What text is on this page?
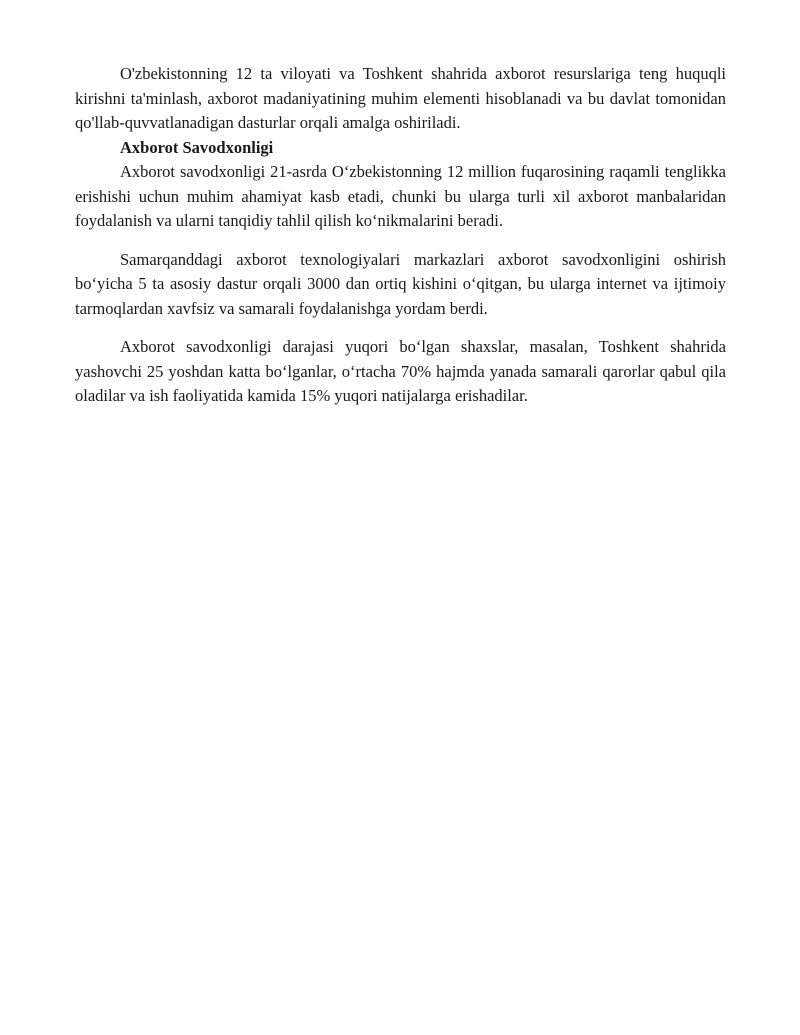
O'zbekistonning 12 ta viloyati va Toshkent shahrida axborot resurslariga teng huquqli kirishni ta'minlash, axborot madaniyatining muhim elementi hisoblanadi va bu davlat tomonidan qo'llab-quvvatlanadigan dasturlar orqali amalga oshiriladi.

Axborot Savodxonligi

Axborot savodxonligi 21-asrda O‘zbekistonning 12 million fuqarosining raqamli tenglikka erishishi uchun muhim ahamiyat kasb etadi, chunki bu ularga turli xil axborot manbalaridan foydalanish va ularni tanqidiy tahlil qilish ko‘nikmalarini beradi.

Samarqanddagi axborot texnologiyalari markazlari axborot savodxonligini oshirish bo‘yicha 5 ta asosiy dastur orqali 3000 dan ortiq kishini o‘qitgan, bu ularga internet va ijtimoiy tarmoqlardan xavfsiz va samarali foydalanishga yordam berdi.

Axborot savodxonligi darajasi yuqori bo‘lgan shaxslar, masalan, Toshkent shahrida yashovchi 25 yoshdan katta bo‘lganlar, o‘rtacha 70% hajmda yanada samarali qarorlar qabul qila oladilar va ish faoliyatida kamida 15% yuqori natijalarga erishadilar.
